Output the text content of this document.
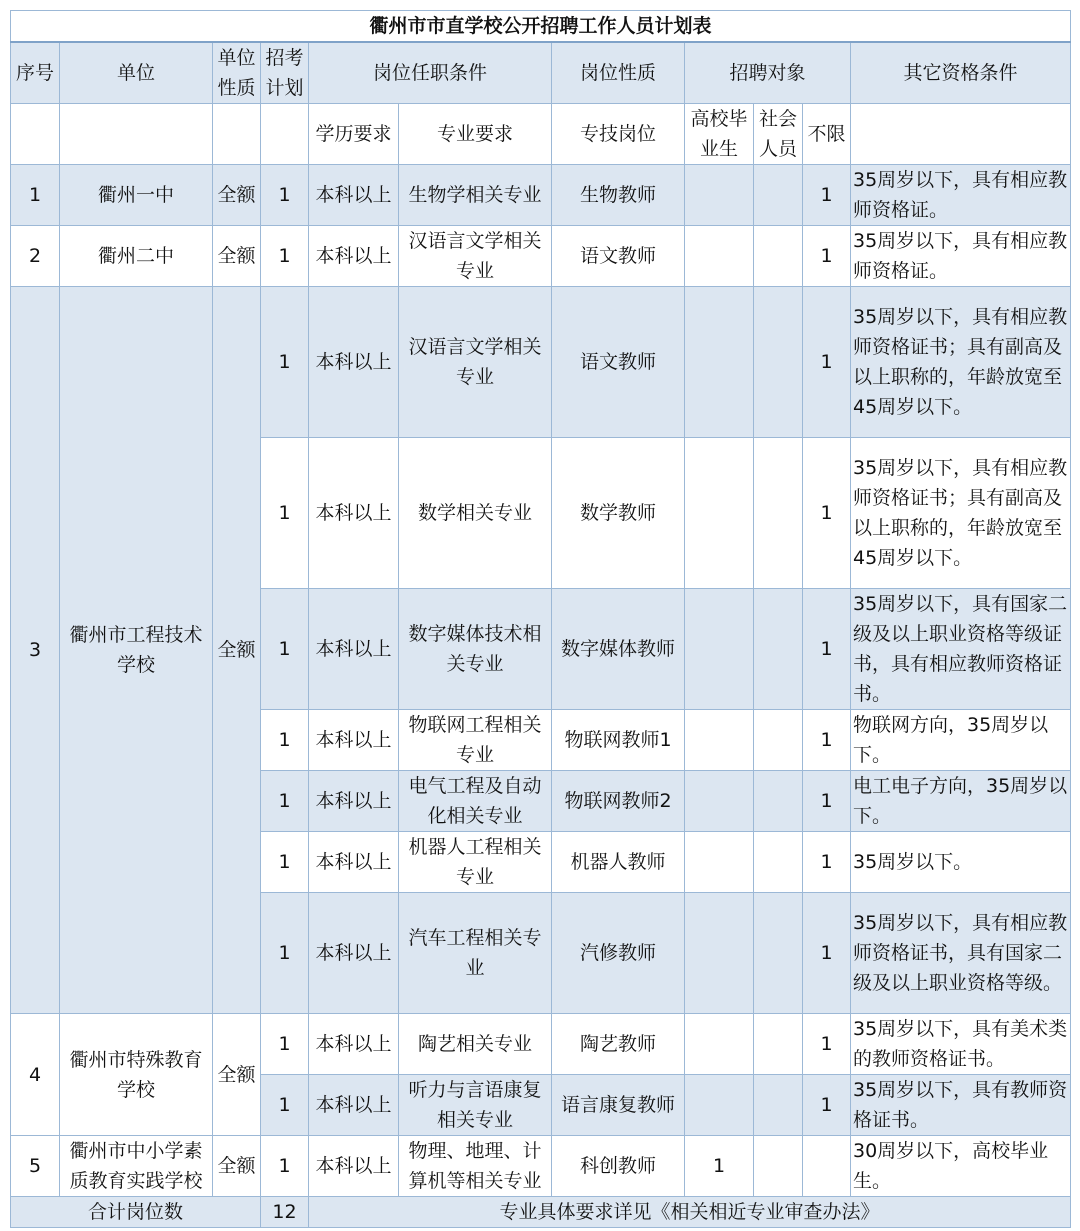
衢州市市直学校公开招聘工作人员计划表										
序号	单位	单位性质	招考计划	岗位任职条件		岗位性质	招聘对象			其它资格条件
				学历要求	专业要求	专技岗位	高校毕业生	社会人员	不限	
1	衢州一中	全额	1	本科以上	生物学相关专业	生物教师			1	35周岁以下，具有相应教师资格证。
2	衢州二中	全额	1	本科以上	汉语言文学相关专业	语文教师			1	35周岁以下，具有相应教师资格证。
3	衢州市工程技术学校	全额	1	本科以上	汉语言文学相关专业	语文教师			1	35周岁以下，具有相应教师资格证书；具有副高及以上职称的，年龄放宽至45周岁以下。
			1	本科以上	数学相关专业	数学教师			1	35周岁以下，具有相应教师资格证书；具有副高及以上职称的，年龄放宽至45周岁以下。
			1	本科以上	数字媒体技术相关专业	数字媒体教师			1	35周岁以下，具有国家二级及以上职业资格等级证书，具有相应教师资格证书。
			1	本科以上	物联网工程相关专业	物联网教师1			1	物联网方向，35周岁以下。
			1	本科以上	电气工程及自动化相关专业	物联网教师2			1	电工电子方向，35周岁以下。
			1	本科以上	机器人工程相关专业	机器人教师			1	35周岁以下。
			1	本科以上	汽车工程相关专业	汽修教师			1	35周岁以下，具有相应教师资格证书，具有国家二级及以上职业资格等级。
4	衢州市特殊教育学校	全额	1	本科以上	陶艺相关专业	陶艺教师			1	35周岁以下，具有美术类的教师资格证书。
			1	本科以上	听力与言语康复相关专业	语言康复教师			1	35周岁以下，具有教师资格证书。
5	衢州市中小学素质教育实践学校	全额	1	本科以上	物理、地理、计算机等相关专业	科创教师	1			30周岁以下，高校毕业生。
合计岗位数			12	专业具体要求详见《相关相近专业审查办法》						
